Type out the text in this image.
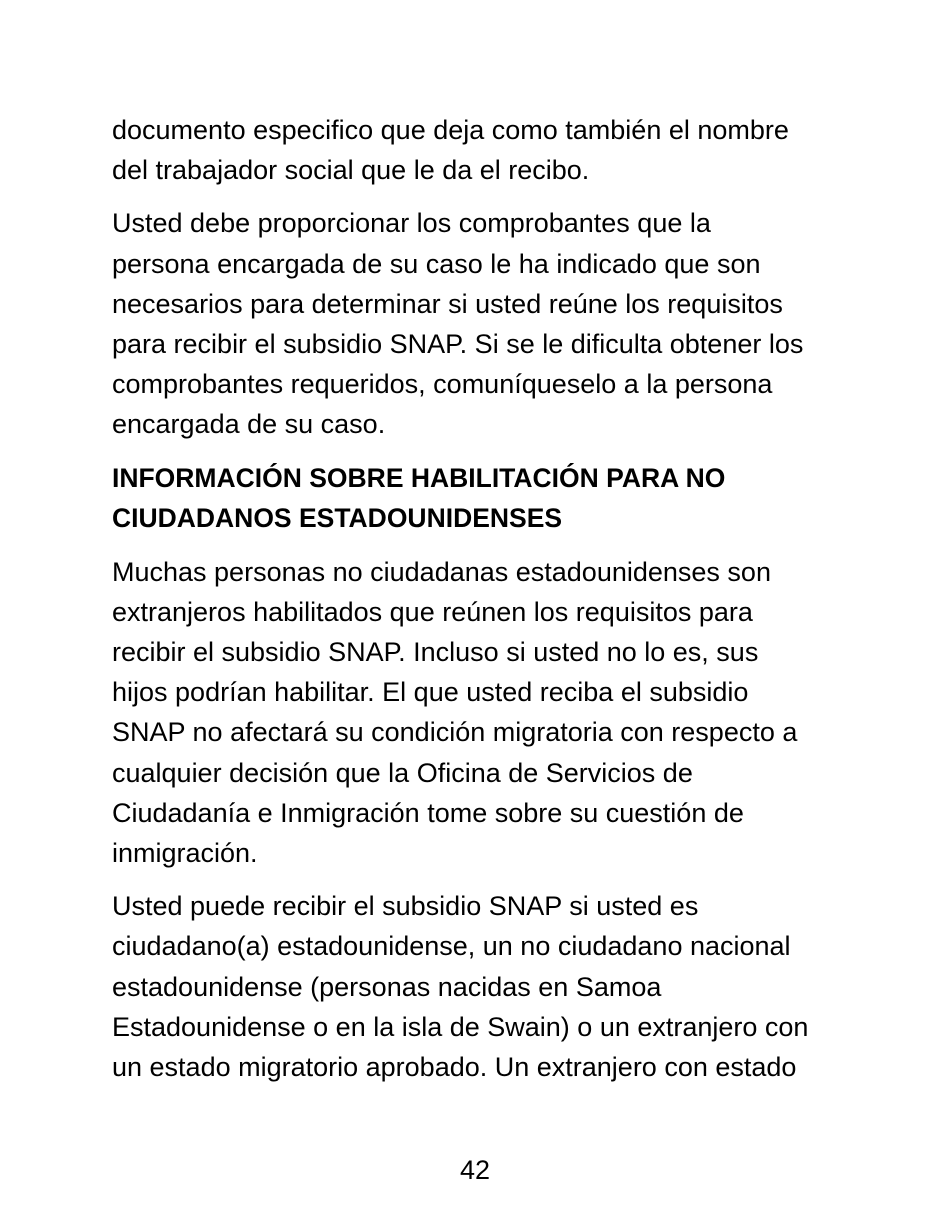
documento especifico que deja como también el nombre
del trabajador social que le da el recibo.

Usted debe proporcionar los comprobantes que la
persona encargada de su caso le ha indicado que son
necesarios para determinar si usted reúne los requisitos
para recibir el subsidio SNAP. Si se le dificulta obtener los
comprobantes requeridos, comuníqueselo a la persona
encargada de su caso.

INFORMACIÓN SOBRE HABILITACIÓN PARA NO
CIUDADANOS ESTADOUNIDENSES

Muchas personas no ciudadanas estadounidenses son
extranjeros habilitados que reúnen los requisitos para
recibir el subsidio SNAP. Incluso si usted no lo es, sus
hijos podrían habilitar. El que usted reciba el subsidio
SNAP no afectará su condición migratoria con respecto a
cualquier decisión que la Oficina de Servicios de
Ciudadanía e Inmigración tome sobre su cuestión de
inmigración.

Usted puede recibir el subsidio SNAP si usted es
ciudadano(a) estadounidense, un no ciudadano nacional
estadounidense (personas nacidas en Samoa
Estadounidense o en la isla de Swain) o un extranjero con
un estado migratorio aprobado. Un extranjero con estado

42
